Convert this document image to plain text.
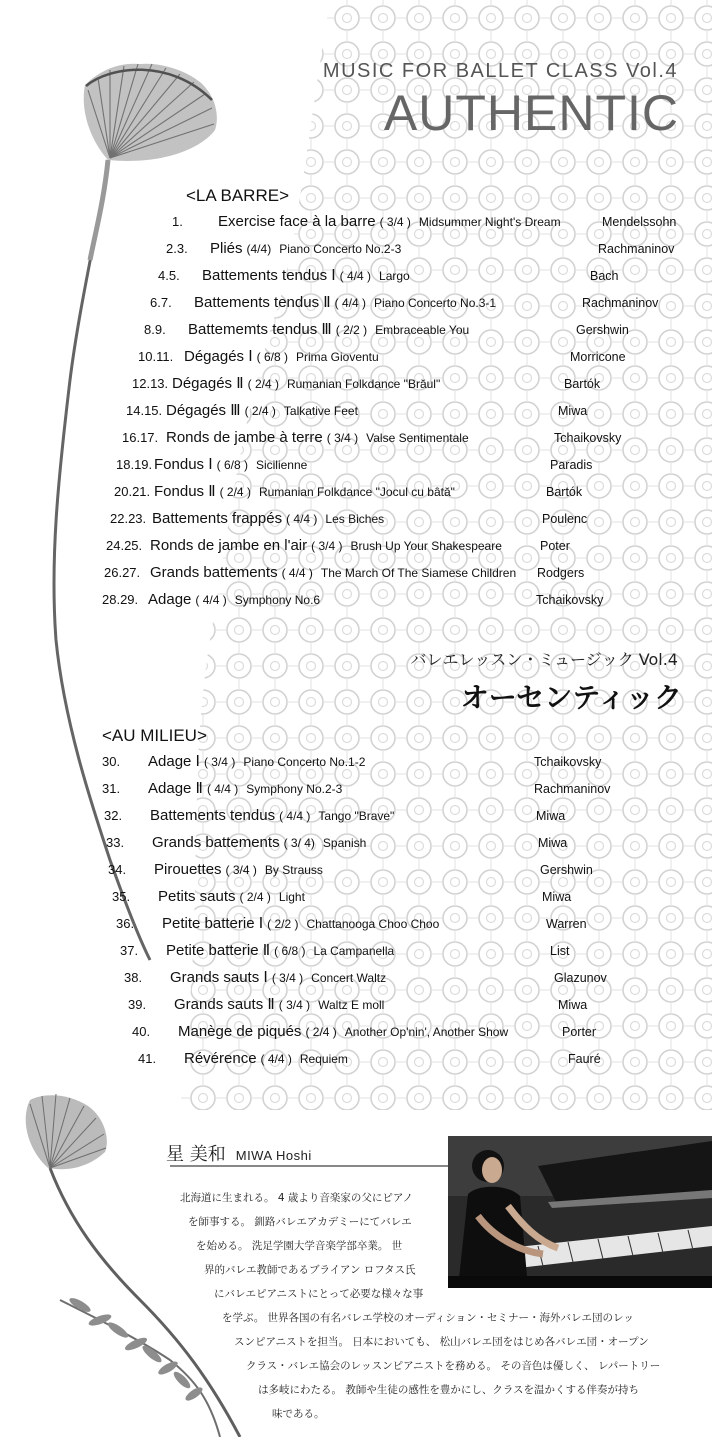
MUSIC FOR BALLET CLASS Vol.4
AUTHENTIC
<LA BARRE>
1. Exercise face à la barre ( 3/4 ) Midsummer Night's Dream	Mendelssohn
2.3. Pliés (4/4) Piano Concerto No.2-3	Rachmaninov
4.5. Battements tendus Ⅰ ( 4/4 ) Largo	Bach
6.7. Battements tendus Ⅱ ( 4/4 ) Piano Concerto No.3-1	Rachmaninov
8.9. Battememts tendus Ⅲ ( 2/2 ) Embraceable You	Gershwin
10.11. Dégagés Ⅰ ( 6/8 ) Prima Gioventu	Morricone
12.13. Dégagés Ⅱ ( 2/4 ) Rumanian Folkdance "Brăul"	Bartók
14.15. Dégagés Ⅲ ( 2/4 ) Talkative Feet	Miwa
16.17. Ronds de jambe à terre ( 3/4 ) Valse Sentimentale	Tchaikovsky
18.19. Fondus Ⅰ ( 6/8 ) Sicilienne	Paradis
20.21. Fondus Ⅱ ( 2/4 ) Rumanian Folkdance "Jocul cu bâtă"	Bartók
22.23. Battements frappés ( 4/4 ) Les Biches	Poulenc
24.25. Ronds de jambe en l'air ( 3/4 ) Brush Up Your Shakespeare	Poter
26.27. Grands battements ( 4/4 ) The March Of The Siamese Children Rodgers
28.29. Adage ( 4/4 ) Symphony No.6	Tchaikovsky
バレエレッスン・ミュージック Vol.4
オーセンティック
<AU MILIEU>
30. Adage Ⅰ ( 3/4 ) Piano Concerto No.1-2	Tchaikovsky
31. Adage Ⅱ ( 4/4 ) Symphony No.2-3	Rachmaninov
32. Battements tendus ( 4/4 ) Tango "Brave"	Miwa
33. Grands battements ( 3/ 4) Spanish	Miwa
34. Pirouettes ( 3/4 ) By Strauss	Gershwin
35. Petits sauts ( 2/4 ) Light	Miwa
36. Petite batterie Ⅰ ( 2/2 ) Chattanooga Choo Choo	Warren
37. Petite batterie Ⅱ ( 6/8 ) La Campanella	List
38. Grands sauts Ⅰ ( 3/4 ) Concert Waltz	Glazunov
39. Grands sauts Ⅱ ( 3/4 ) Waltz E moll	Miwa
40. Manège de piqués ( 2/4 ) Another Op'nin', Another Show	Porter
41. Révérence ( 4/4 ) Requiem	Fauré
星 美和 MIWA Hoshi
北海道に生まれる。 4 歳より音楽家の父にピアノ
を師事する。 釧路バレエアカデミーにてバレエ
を始める。 洗足学園大学音楽学部卒業。 世
界的バレエ教師であるブライアン ロフタス氏
にバレエピアニストにとって必要な様々な事
を学ぶ。 世界各国の有名バレエ学校のオーディション・セミナー・海外バレエ団のレッ
スンピアニストを担当。 日本においても、 松山バレエ団をはじめ各バレエ団・オープン
クラス・バレエ協会のレッスンピアニストを務める。 その音色は優しく、 レパートリー
は多岐にわたる。 教師や生徒の感性を豊かにし、クラスを温かくする伴奏が持ち
味である。
